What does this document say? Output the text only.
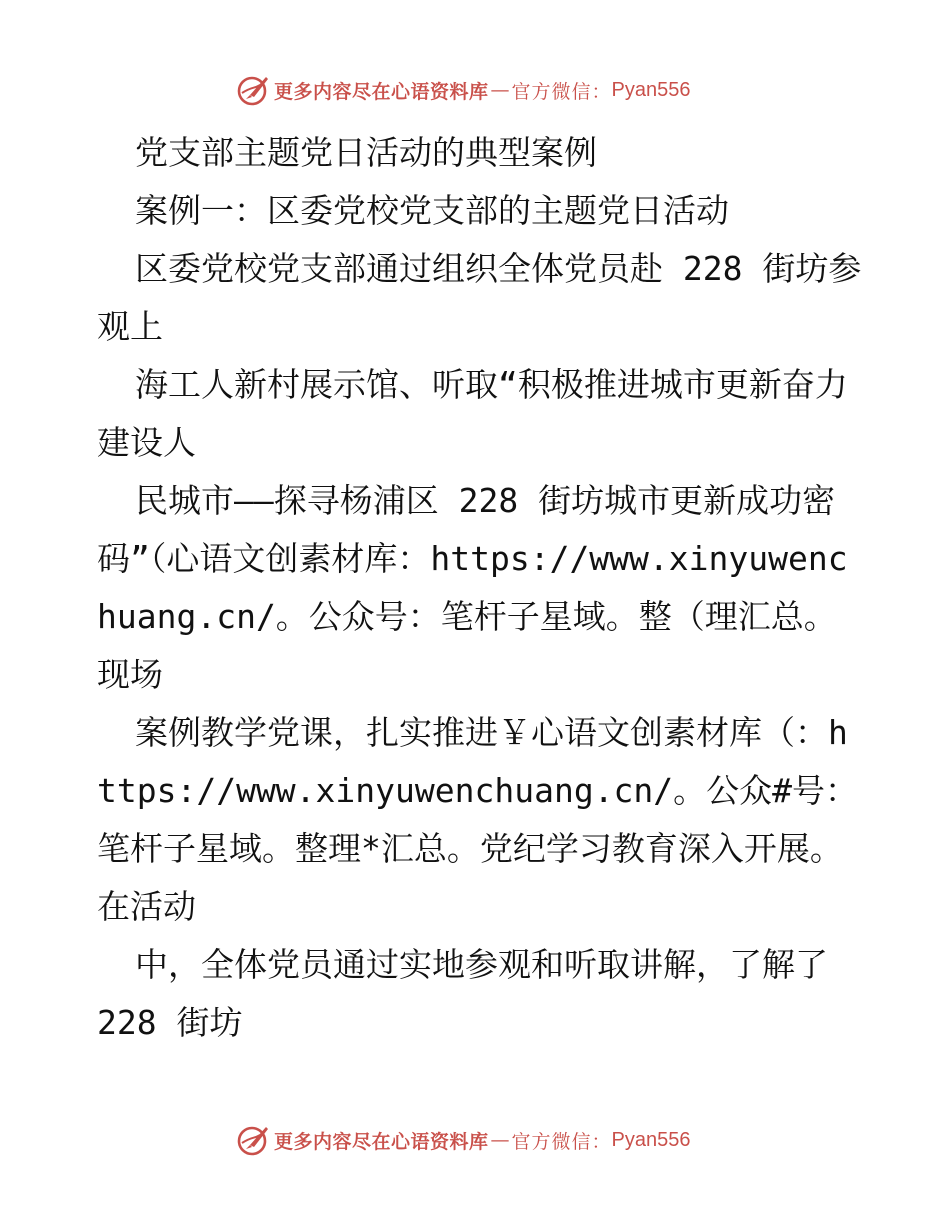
更多内容尽在心语资料库 — 官方微信： Pyan556

党支部主题党日活动的典型案例

案例一：区委党校党支部的主题党日活动

区委党校党支部通过组织全体党员赴 228 街坊参观上

海工人新村展示馆、听取“积极推进城市更新奋力建设人

民城市——探寻杨浦区 228 街坊城市更新成功密码”（心语文创素材库：https://www.xinyuwenchuang.cn/。公众号：笔杆子星域。整（理汇总。现场

案例教学党课，扎实推进￥心语文创素材库（：https://www.xinyuwenchuang.cn/。公众#号：笔杆子星域。整理*汇总。党纪学习教育深入开展。在活动

中，全体党员通过实地参观和听取讲解，了解了 228 街坊

更多内容尽在心语资料库 — 官方微信： Pyan556
